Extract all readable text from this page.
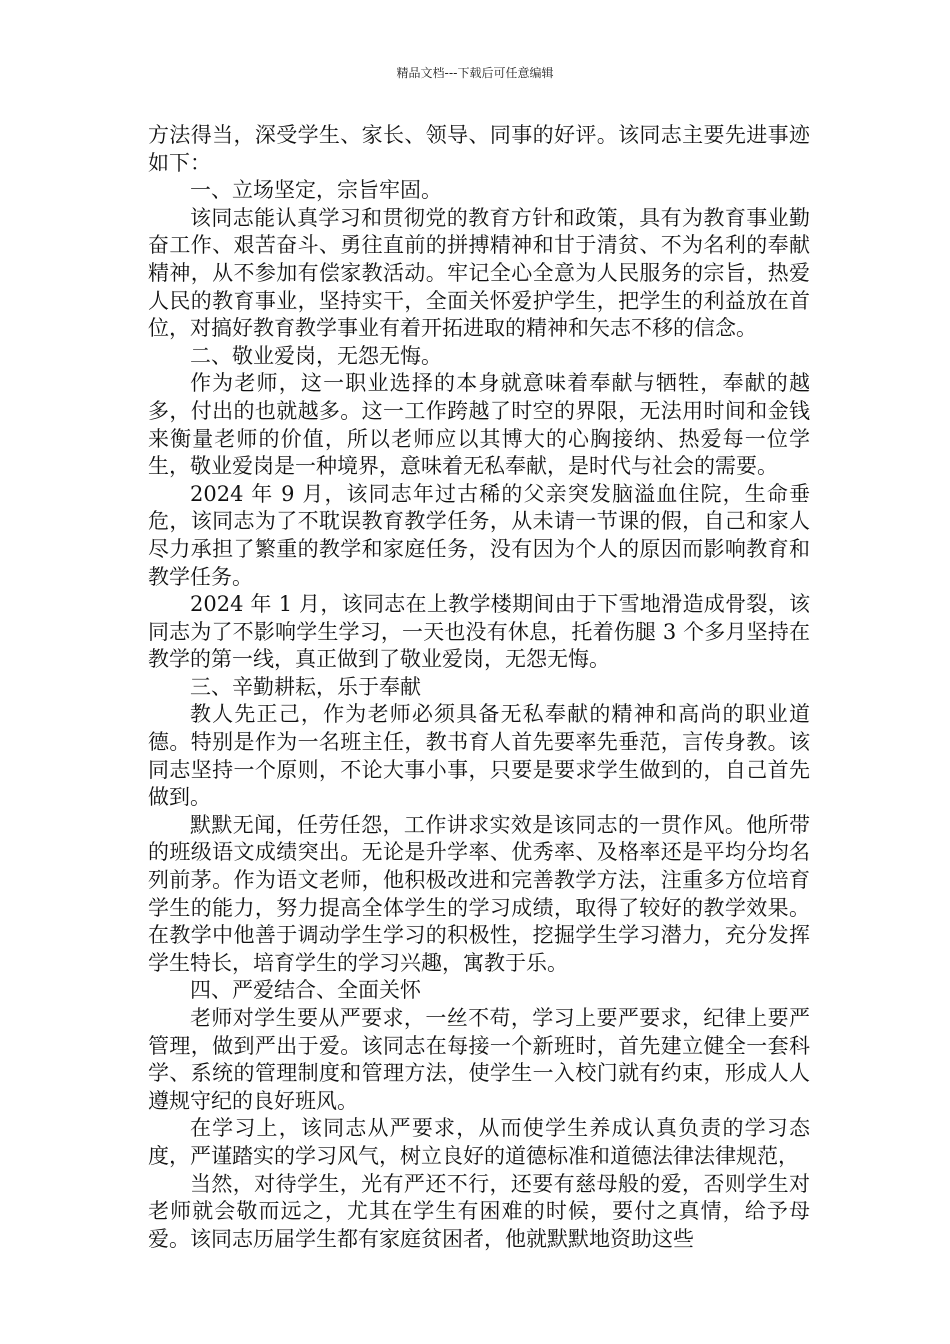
精品文档---下载后可任意编辑

方法得当，深受学生、家长、领导、同事的好评。该同志主要先进事迹如下：

一、立场坚定，宗旨牢固。

该同志能认真学习和贯彻党的教育方针和政策，具有为教育事业勤奋工作、艰苦奋斗、勇往直前的拼搏精神和甘于清贫、不为名利的奉献精神，从不参加有偿家教活动。牢记全心全意为人民服务的宗旨，热爱人民的教育事业，坚持实干，全面关怀爱护学生，把学生的利益放在首位，对搞好教育教学事业有着开拓进取的精神和矢志不移的信念。

二、敬业爱岗，无怨无悔。

作为老师，这一职业选择的本身就意味着奉献与牺牲，奉献的越多，付出的也就越多。这一工作跨越了时空的界限，无法用时间和金钱来衡量老师的价值，所以老师应以其博大的心胸接纳、热爱每一位学生，敬业爱岗是一种境界，意味着无私奉献，是时代与社会的需要。

2024 年 9 月，该同志年过古稀的父亲突发脑溢血住院，生命垂危，该同志为了不耽误教育教学任务，从未请一节课的假，自己和家人尽力承担了繁重的教学和家庭任务，没有因为个人的原因而影响教育和教学任务。

2024 年 1 月，该同志在上教学楼期间由于下雪地滑造成骨裂，该同志为了不影响学生学习，一天也没有休息，托着伤腿 3 个多月坚持在教学的第一线，真正做到了敬业爱岗，无怨无悔。

三、辛勤耕耘，乐于奉献

教人先正己，作为老师必须具备无私奉献的精神和高尚的职业道德。特别是作为一名班主任，教书育人首先要率先垂范，言传身教。该同志坚持一个原则，不论大事小事，只要是要求学生做到的，自己首先做到。

默默无闻，任劳任怨，工作讲求实效是该同志的一贯作风。他所带的班级语文成绩突出。无论是升学率、优秀率、及格率还是平均分均名列前茅。作为语文老师，他积极改进和完善教学方法，注重多方位培育学生的能力，努力提高全体学生的学习成绩，取得了较好的教学效果。在教学中他善于调动学生学习的积极性，挖掘学生学习潜力，充分发挥学生特长，培育学生的学习兴趣，寓教于乐。

四、严爱结合、全面关怀

老师对学生要从严要求，一丝不苟，学习上要严要求，纪律上要严管理，做到严出于爱。该同志在每接一个新班时，首先建立健全一套科学、系统的管理制度和管理方法，使学生一入校门就有约束，形成人人遵规守纪的良好班风。

在学习上，该同志从严要求，从而使学生养成认真负责的学习态度，严谨踏实的学习风气，树立良好的道德标准和道德法律法律规范，

当然，对待学生，光有严还不行，还要有慈母般的爱，否则学生对老师就会敬而远之，尤其在学生有困难的时候，要付之真情，给予母爱。该同志历届学生都有家庭贫困者，他就默默地资助这些
